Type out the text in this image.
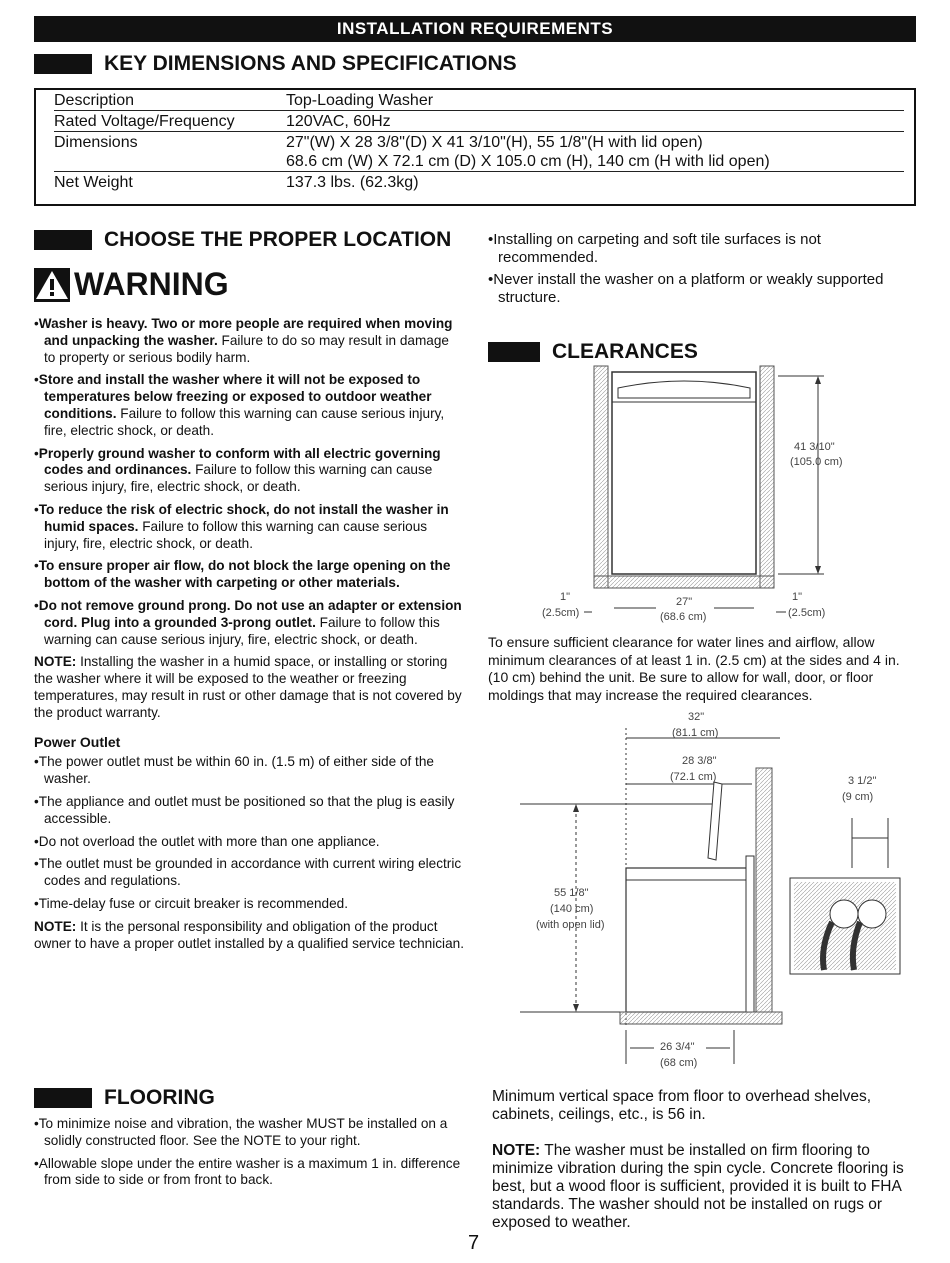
INSTALLATION REQUIREMENTS
KEY DIMENSIONS AND SPECIFICATIONS
Description	Top-Loading Washer
Rated Voltage/Frequency	120VAC, 60Hz
Dimensions	27"(W) X 28 3/8"(D) X 41 3/10"(H), 55 1/8"(H with lid open)
68.6 cm (W) X 72.1 cm (D) X 105.0 cm (H), 140 cm (H with lid open)

Net Weight	137.3 lbs. (62.3kg)
CHOOSE THE PROPER LOCATION
WARNING

•Washer is heavy. Two or more people are required when moving and unpacking the washer. Failure to do so may result in damage to property or serious bodily harm.

•Store and install the washer where it will not be exposed to temperatures below freezing or exposed to outdoor weather conditions. Failure to follow this warning can cause serious injury, fire, electric shock, or death.

•Properly ground washer to conform with all electric governing codes and ordinances. Failure to follow this warning can cause serious injury, fire, electric shock, or death.

•To reduce the risk of electric shock, do not install the washer in humid spaces. Failure to follow this warning can cause serious injury, fire, electric shock, or death.

•To ensure proper air flow, do not block the large opening on the bottom of the washer with carpeting or other materials.

•Do not remove ground prong. Do not use an adapter or extension cord. Plug into a grounded 3-prong outlet. Failure to follow this warning can cause serious injury, fire, electric shock, or death.

NOTE: Installing the washer in a humid space, or installing or storing the washer where it will be exposed to the weather or freezing temperatures, may result in rust or other damage that is not covered by the product warranty.

Power Outlet

•The power outlet must be within 60 in. (1.5 m) of either side of the washer.

•The appliance and outlet must be positioned so that the plug is easily accessible.

•Do not overload the outlet with more than one appliance.

•The outlet must be grounded in accordance with current wiring electric codes and regulations.

•Time-delay fuse or circuit breaker is recommended.

NOTE: It is the personal responsibility and obligation of the product owner to have a proper outlet installed by a qualified service technician.

FLOORING

•To minimize noise and vibration, the washer MUST be installed on a solidly constructed floor. See the NOTE to your right.

•Allowable slope under the entire washer is a maximum 1 in. difference from side to side or from front to back.

•Installing on carpeting and soft tile surfaces is not recommended.

•Never install the washer on a platform or weakly supported structure.

CLEARANCES
41 3/10"
(105.0 cm)
1"
(2.5cm)
27"
(68.6 cm)
1"
(2.5cm)
To ensure sufficient clearance for water lines and airflow, allow minimum clearances of at least 1 in. (2.5 cm) at the sides and 4 in. (10 cm) behind the unit. Be sure to allow for wall, door, or floor moldings that may increase the required clearances.
32"
(81.1 cm)
28 3/8"
(72.1 cm)
55 1/8"
(140 cm)
(with open lid)
3 1/2"
(9 cm)
26 3/4"
(68 cm)
Minimum vertical space from floor to overhead shelves, cabinets, ceilings, etc., is 56 in.
NOTE: The washer must be installed on firm flooring to minimize vibration during the spin cycle. Concrete flooring is best, but a wood floor is sufficient, provided it is built to FHA standards. The washer should not be installed on rugs or exposed to weather.
7
